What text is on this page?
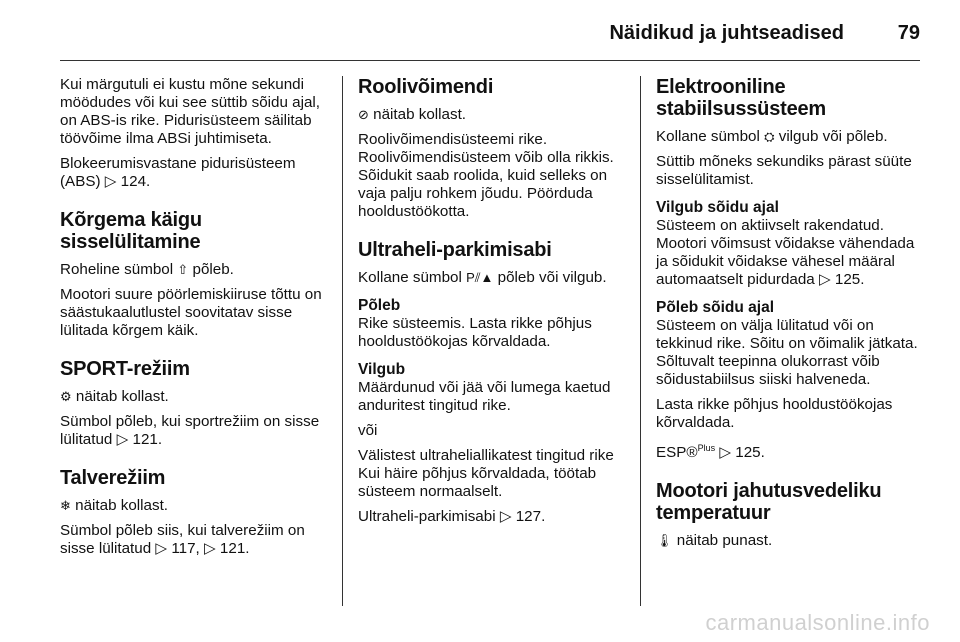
Näidikud ja juhtseadised	79

Kui märgutuli ei kustu mõne sekundi möödudes või kui see süttib sõidu ajal, on ABS-is rike. Pidurisüsteem säilitab töövõime ilma ABSi juhtimiseta.

Blokeerumisvastane pidurisüsteem (ABS) ▷ 124.

Kõrgema käigu sisselülitamine

Roheline sümbol ⇧ põleb.

Mootori suure pöörlemiskiiruse tõttu on säästukaalutlustel soovitatav sisse lülitada kõrgem käik.

SPORT-režiim

⚙ näitab kollast.

Sümbol põleb, kui sportrežiim on sisse lülitatud ▷ 121.

Talverežiim

❄ näitab kollast.

Sümbol põleb siis, kui talverežiim on sisse lülitatud ▷ 117, ▷ 121.

Roolivõimendi

⊘ näitab kollast.

Roolivõimendisüsteemi rike. Roolivõimendisüsteem võib olla rikkis. Sõidukit saab roolida, kuid selleks on vaja palju rohkem jõudu. Pöörduda hooldustöökotta.

Ultraheli-parkimisabi

Kollane sümbol P⫽▲ põleb või vilgub.

Põleb

Rike süsteemis. Lasta rikke põhjus hooldustöökojas kõrvaldada.

Vilgub

Määrdunud või jää või lumega kaetud anduritest tingitud rike.

või

Välistest ultraheliallikatest tingitud rike Kui häire põhjus kõrvaldada, töötab süsteem normaalselt.

Ultraheli-parkimisabi ▷ 127.

Elektrooniline stabiilsussüsteem

Kollane sümbol ⛭ vilgub või põleb.

Süttib mõneks sekundiks pärast süüte sisselülitamist.

Vilgub sõidu ajal

Süsteem on aktiivselt rakendatud. Mootori võimsust võidakse vähendada ja sõidukit võidakse vähesel määral automaatselt pidurdada ▷ 125.

Põleb sõidu ajal

Süsteem on välja lülitatud või on tekkinud rike. Sõitu on võimalik jätkata. Sõltuvalt teepinna olukorrast võib sõidustabiilsus siiski halveneda.

Lasta rikke põhjus hooldustöökojas kõrvaldada.

ESP®$^{Plus}$ ▷ 125.

Mootori jahutusvedeliku temperatuur

🌡 näitab punast.

carmanualsonline.info
